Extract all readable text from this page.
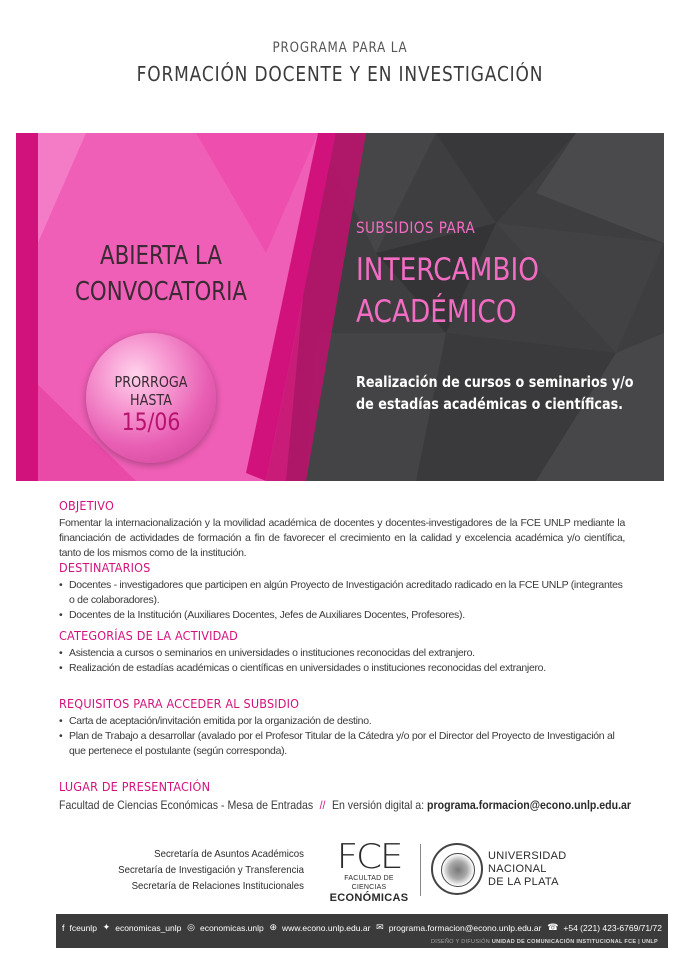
PROGRAMA PARA LA
FORMACIÓN DOCENTE Y EN INVESTIGACIÓN
ABIERTA LA
CONVOCATORIA
PRORROGA
HASTA
15/06
SUBSIDIOS PARA
INTERCAMBIO
ACADÉMICO
Realización de cursos o seminarios y/o
de estadías académicas o científicas.
OBJETIVO
Fomentar la internacionalización y la movilidad académica de docentes y docentes-investigadores de la FCE UNLP mediante la financiación de actividades de formación a fin de favorecer el crecimiento en la calidad y excelencia académica y/o científica, tanto de los mismos como de la institución.
DESTINATARIOS
• Docentes - investigadores que participen en algún Proyecto de Investigación acreditado radicado en la FCE UNLP (integrantes o de colaboradores).
• Docentes de la Institución (Auxiliares Docentes, Jefes de Auxiliares Docentes, Profesores).
CATEGORÍAS DE LA ACTIVIDAD
• Asistencia a cursos o seminarios en universidades o instituciones reconocidas del extranjero.
• Realización de estadías académicas o científicas en universidades o instituciones reconocidas del extranjero.
REQUISITOS PARA ACCEDER AL SUBSIDIO
• Carta de aceptación/invitación emitida por la organización de destino.
• Plan de Trabajo a desarrollar (avalado por el Profesor Titular de la Cátedra y/o por el Director del Proyecto de Investigación al que pertenece el postulante (según corresponda).
LUGAR DE PRESENTACIÓN
Facultad de Ciencias Económicas - Mesa de Entradas // En versión digital a: programa.formacion@econo.unlp.edu.ar
Secretaría de Asuntos Académicos
Secretaría de Investigación y Transferencia
Secretaría de Relaciones Institucionales
FCE
FACULTAD DE CIENCIAS
ECONÓMICAS
UNIVERSIDAD
NACIONAL
DE LA PLATA
f fceunlp ✦ economicas_unlp ◎ economicas.unlp ⊕ www.econo.unlp.edu.ar ✉ programa.formacion@econo.unlp.edu.ar ☎ +54 (221) 423-6769/71/72
DISEÑO Y DIFUSIÓN UNIDAD DE COMUNICACIÓN INSTITUCIONAL FCE | UNLP
